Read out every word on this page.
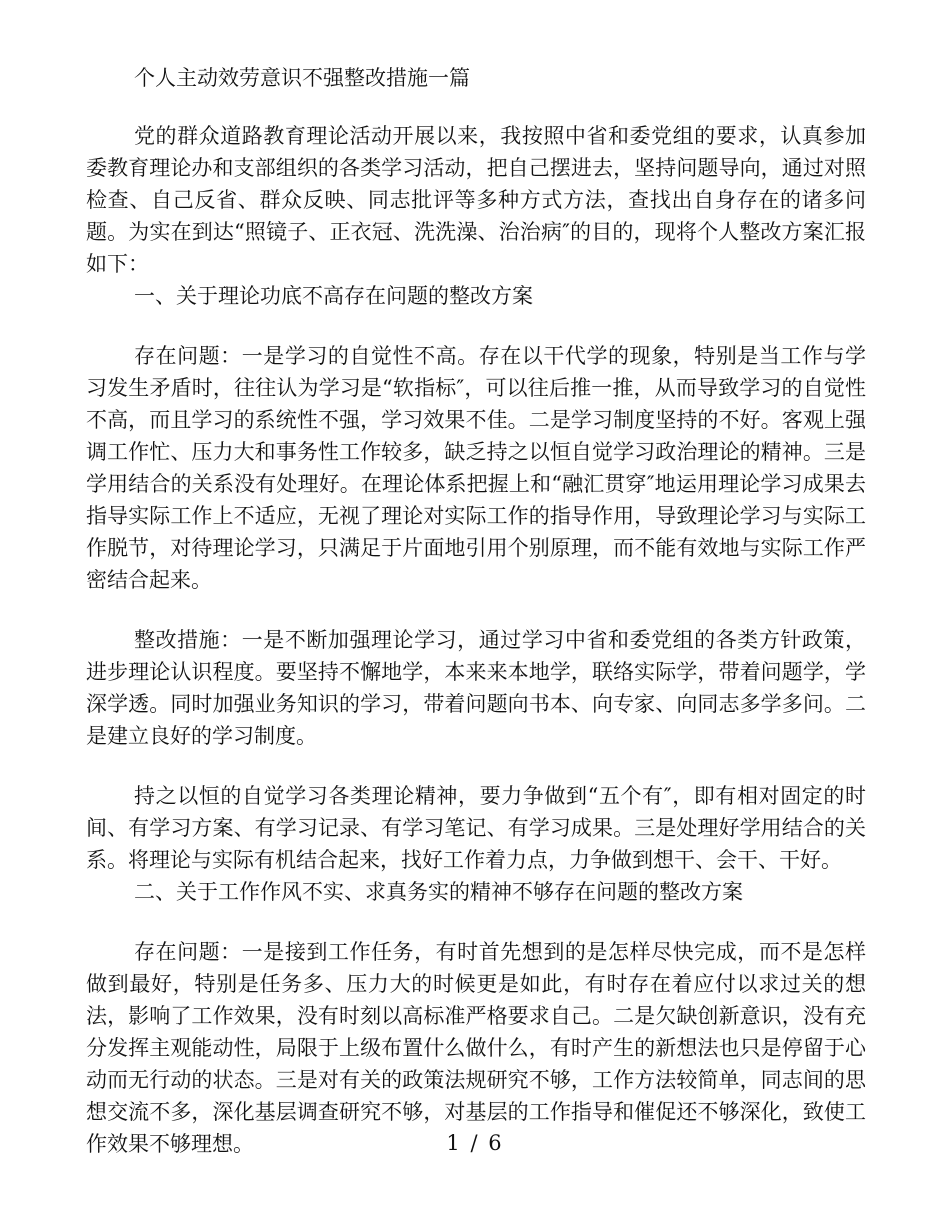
个人主动效劳意识不强整改措施一篇

党的群众道路教育理论活动开展以来，我按照中省和委党组的要求，认真参加委教育理论办和支部组织的各类学习活动，把自己摆进去，坚持问题导向，通过对照检查、自己反省、群众反映、同志批评等多种方式方法，查找出自身存在的诸多问题。为实在到达“照镜子、正衣冠、洗洗澡、治治病″的目的，现将个人整改方案汇报如下：

一、关于理论功底不高存在问题的整改方案

存在问题：一是学习的自觉性不高。存在以干代学的现象，特别是当工作与学习发生矛盾时，往往认为学习是“软指标″，可以往后推一推，从而导致学习的自觉性不高，而且学习的系统性不强，学习效果不佳。二是学习制度坚持的不好。客观上强调工作忙、压力大和事务性工作较多，缺乏持之以恒自觉学习政治理论的精神。三是学用结合的关系没有处理好。在理论体系把握上和“融汇贯穿″地运用理论学习成果去指导实际工作上不适应，无视了理论对实际工作的指导作用，导致理论学习与实际工作脱节，对待理论学习，只满足于片面地引用个别原理，而不能有效地与实际工作严密结合起来。

整改措施：一是不断加强理论学习，通过学习中省和委党组的各类方针政策，进步理论认识程度。要坚持不懈地学，本来来本地学，联络实际学，带着问题学，学深学透。同时加强业务知识的学习，带着问题向书本、向专家、向同志多学多问。二是建立良好的学习制度。

持之以恒的自觉学习各类理论精神，要力争做到“五个有″，即有相对固定的时间、有学习方案、有学习记录、有学习笔记、有学习成果。三是处理好学用结合的关系。将理论与实际有机结合起来，找好工作着力点，力争做到想干、会干、干好。

二、关于工作作风不实、求真务实的精神不够存在问题的整改方案

存在问题：一是接到工作任务，有时首先想到的是怎样尽快完成，而不是怎样做到最好，特别是任务多、压力大的时候更是如此，有时存在着应付以求过关的想法，影响了工作效果，没有时刻以高标准严格要求自己。二是欠缺创新意识，没有充分发挥主观能动性，局限于上级布置什么做什么，有时产生的新想法也只是停留于心动而无行动的状态。三是对有关的政策法规研究不够，工作方法较简单，同志间的思想交流不多，深化基层调查研究不够，对基层的工作指导和催促还不够深化，致使工作效果不够理想。	1 / 6
